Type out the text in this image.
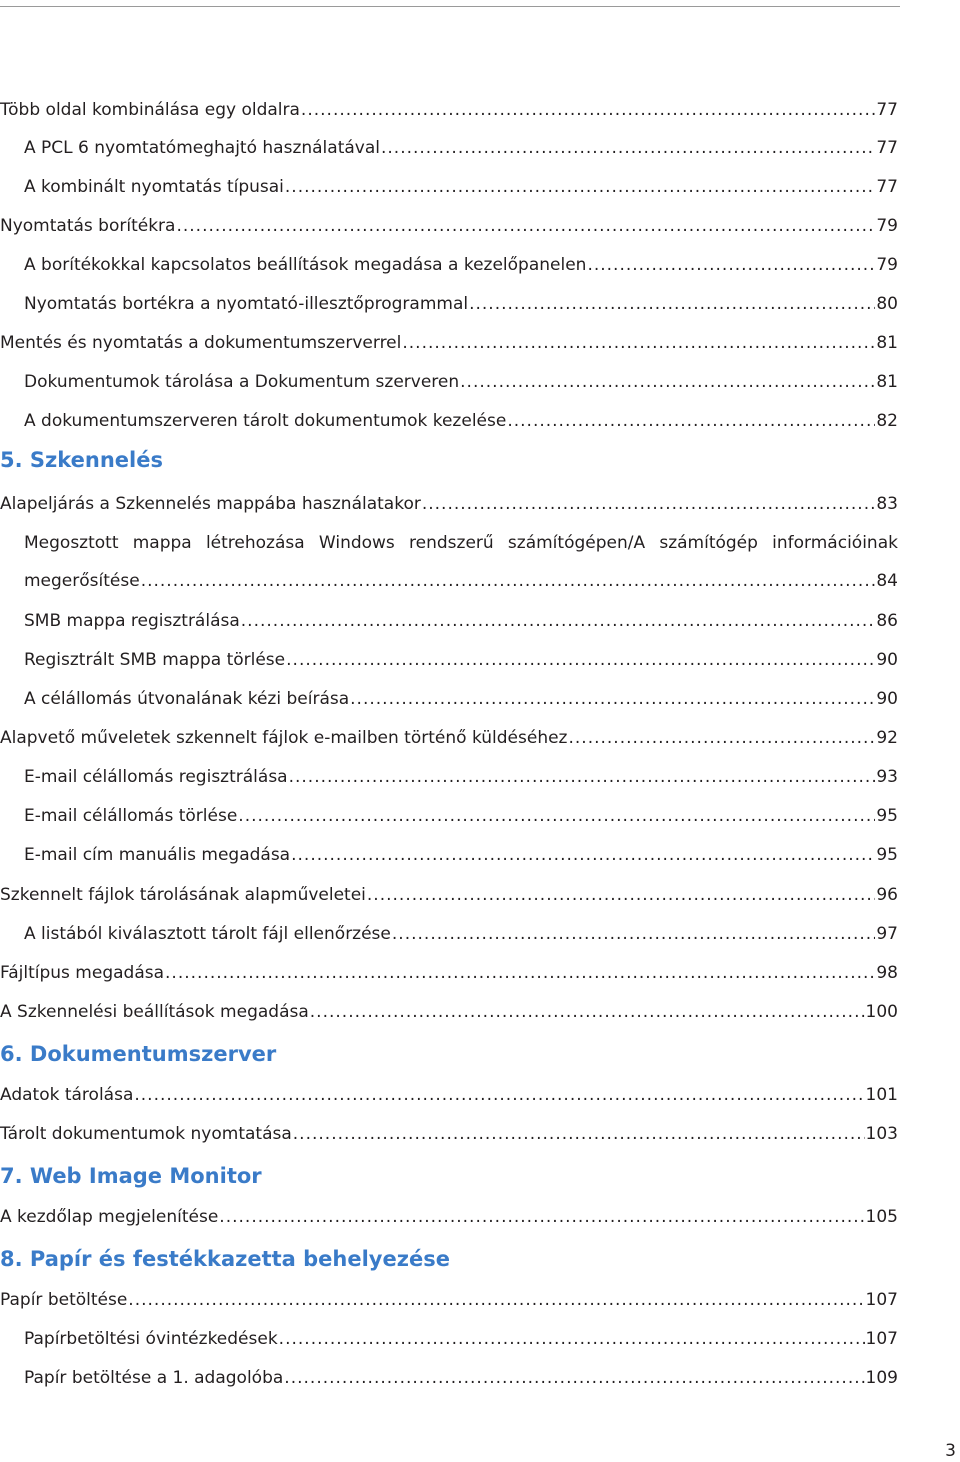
Több oldal kombinálása egy oldalra .....	77
A PCL 6 nyomtatómeghajtó használatával .....	77
A kombinált nyomtatás típusai .....	77
Nyomtatás borítékra .....	79
A borítékokkal kapcsolatos beállítások megadása a kezelőpanelen .....	79
Nyomtatás bortékra a nyomtató-illesztőprogrammal .....	80
Mentés és nyomtatás a dokumentumszerverrel .....	81
Dokumentumok tárolása a Dokumentum szerveren .....	81
A dokumentumszerveren tárolt dokumentumok kezelése .....	82
5. Szkennelés
Alapeljárás a Szkennelés mappába használatakor .....	83
Megosztott mappa létrehozása Windows rendszerű számítógépen/A számítógép információinak
megerősítése .....	84
SMB mappa regisztrálása .....	86
Regisztrált SMB mappa törlése .....	90
A célállomás útvonalának kézi beírása .....	90
Alapvető műveletek szkennelt fájlok e-mailben történő küldéséhez .....	92
E-mail célállomás regisztrálása .....	93
E-mail célállomás törlése .....	95
E-mail cím manuális megadása .....	95
Szkennelt fájlok tárolásának alapműveletei .....	96
A listából kiválasztott tárolt fájl ellenőrzése .....	97
Fájltípus megadása .....	98
A Szkennelési beállítások megadása .....	100
6. Dokumentumszerver
Adatok tárolása .....	101
Tárolt dokumentumok nyomtatása .....	103
7. Web Image Monitor
A kezdőlap megjelenítése .....	105
8. Papír és festékkazetta behelyezése
Papír betöltése .....	107
Papírbetöltési óvintézkedések .....	107
Papír betöltése a 1. adagolóba .....	109
3
